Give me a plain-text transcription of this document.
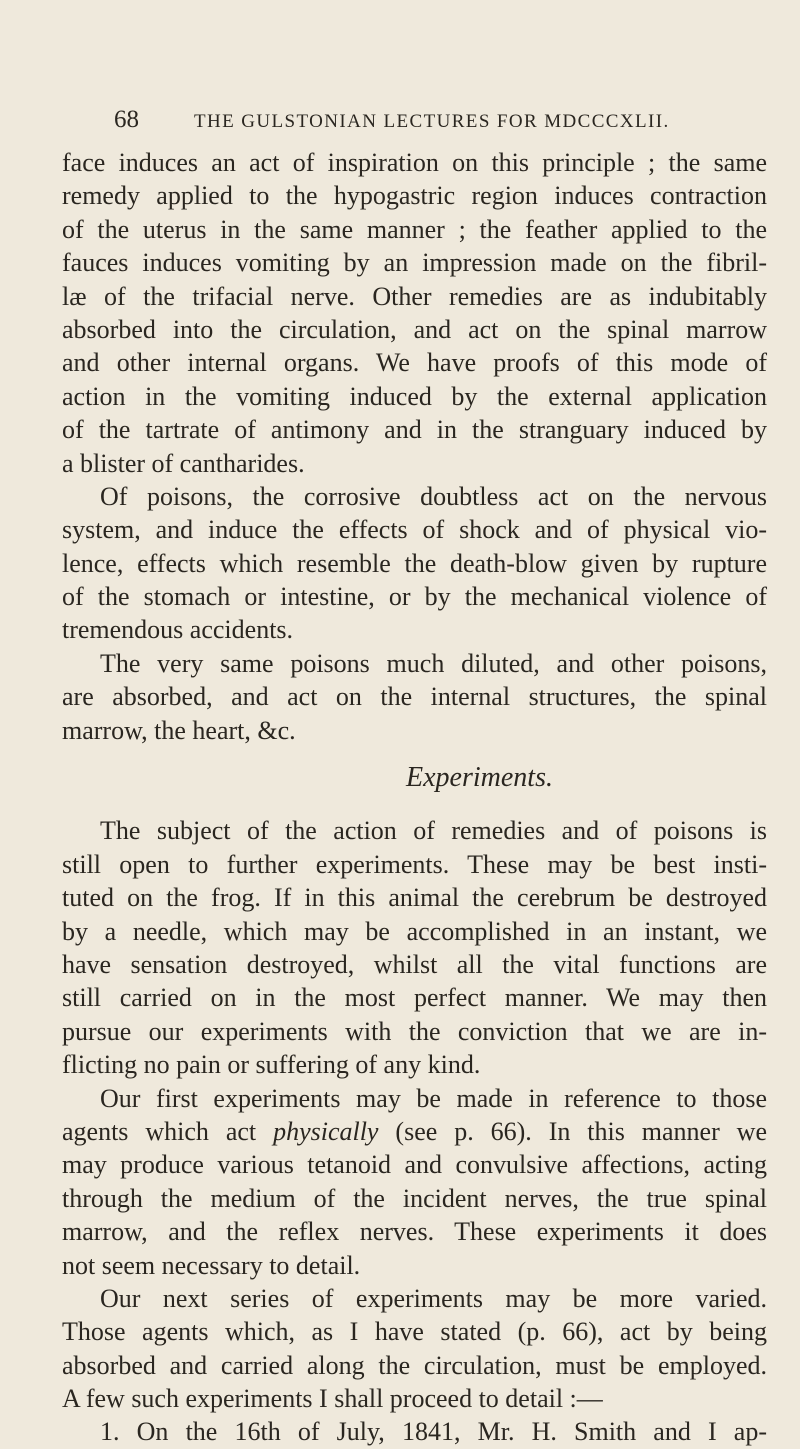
68	THE GULSTONIAN LECTURES FOR MDCCCXLII.
face induces an act of inspiration on this principle ; the same
remedy applied to the hypogastric region induces contraction
of the uterus in the same manner ; the feather applied to the
fauces induces vomiting by an impression made on the fibril-
læ of the trifacial nerve. Other remedies are as indubitably
absorbed into the circulation, and act on the spinal marrow
and other internal organs. We have proofs of this mode of
action in the vomiting induced by the external application
of the tartrate of antimony and in the stranguary induced by
a blister of cantharides.
Of poisons, the corrosive doubtless act on the nervous
system, and induce the effects of shock and of physical vio-
lence, effects which resemble the death-blow given by rupture
of the stomach or intestine, or by the mechanical violence of
tremendous accidents.
The very same poisons much diluted, and other poisons,
are absorbed, and act on the internal structures, the spinal
marrow, the heart, &c.
Experiments.
The subject of the action of remedies and of poisons is
still open to further experiments. These may be best insti-
tuted on the frog. If in this animal the cerebrum be destroyed
by a needle, which may be accomplished in an instant, we
have sensation destroyed, whilst all the vital functions are
still carried on in the most perfect manner. We may then
pursue our experiments with the conviction that we are in-
flicting no pain or suffering of any kind.
Our first experiments may be made in reference to those
agents which act physically (see p. 66). In this manner we
may produce various tetanoid and convulsive affections, acting
through the medium of the incident nerves, the true spinal
marrow, and the reflex nerves. These experiments it does
not seem necessary to detail.
Our next series of experiments may be more varied.
Those agents which, as I have stated (p. 66), act by being
absorbed and carried along the circulation, must be employed.
A few such experiments I shall proceed to detail :—
1. On the 16th of July, 1841, Mr. H. Smith and I ap-
